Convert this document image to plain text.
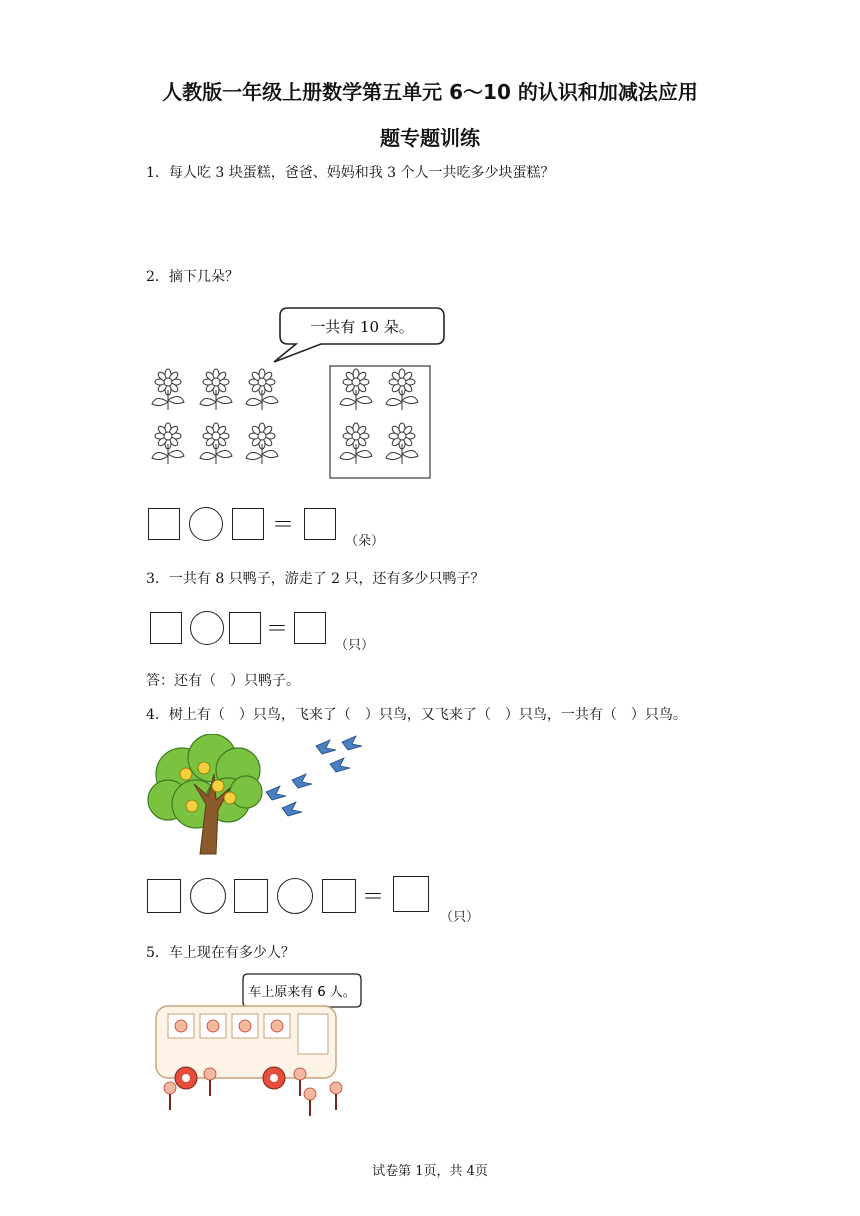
人教版一年级上册数学第五单元 6～10 的认识和加减法应用
题专题训练
1．每人吃 3 块蛋糕，爸爸、妈妈和我 3 个人一共吃多少块蛋糕？
2．摘下几朵？
一共有 10 朵。
＝
（朵）
3．一共有 8 只鸭子，游走了 2 只，还有多少只鸭子？
＝
（只）
答：还有（　）只鸭子。
4．树上有（　）只鸟，飞来了（　）只鸟，又飞来了（　）只鸟，一共有（　）只鸟。
＝
（只）
5．车上现在有多少人？
车上原来有 6 人。
试卷第 1页，共 4页
